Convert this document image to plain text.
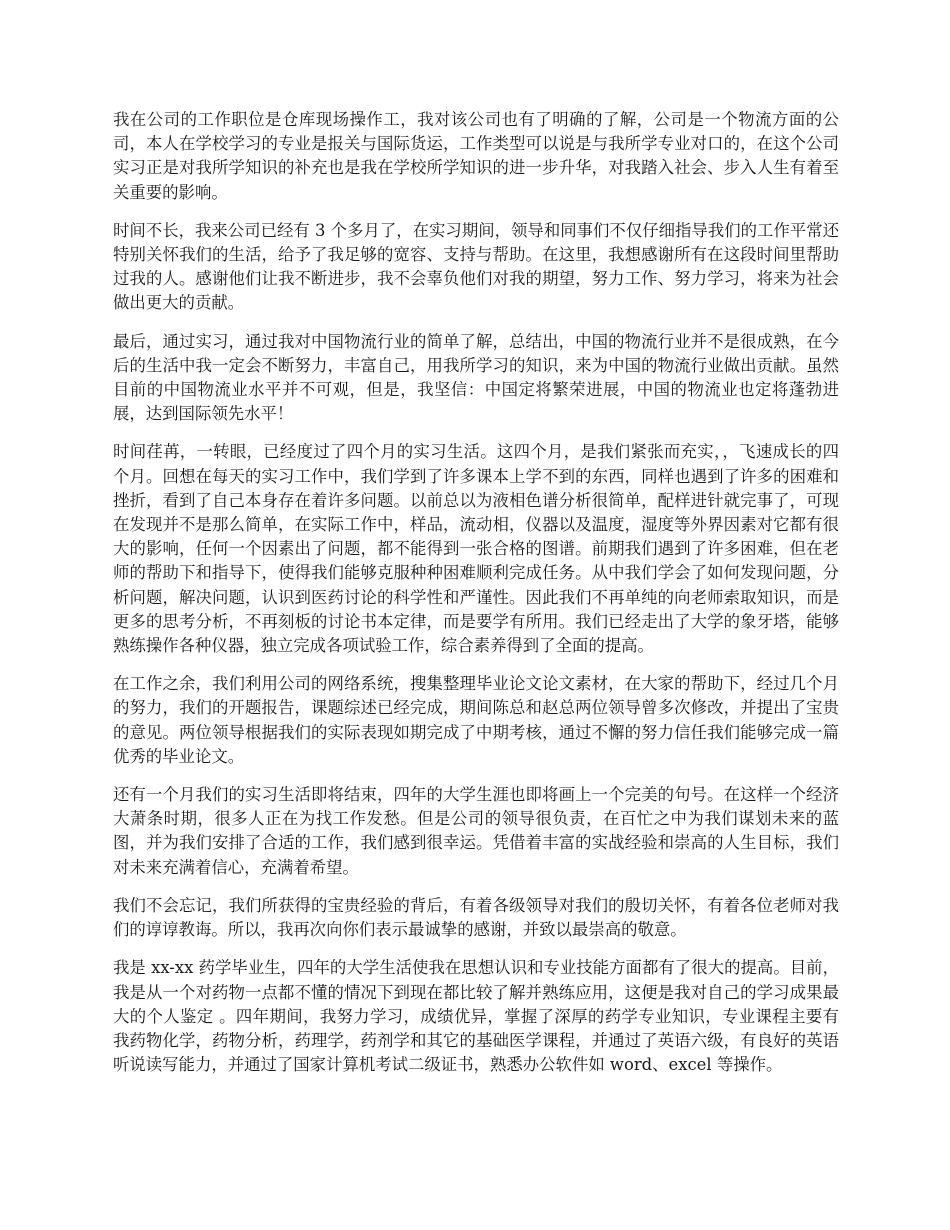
我在公司的工作职位是仓库现场操作工，我对该公司也有了明确的了解，公司是一个物流方面的公司，本人在学校学习的专业是报关与国际货运，工作类型可以说是与我所学专业对口的，在这个公司实习正是对我所学知识的补充也是我在学校所学知识的进一步升华，对我踏入社会、步入人生有着至关重要的影响。

时间不长，我来公司已经有 3 个多月了，在实习期间，领导和同事们不仅仔细指导我们的工作平常还特别关怀我们的生活，给予了我足够的宽容、支持与帮助。在这里，我想感谢所有在这段时间里帮助过我的人。感谢他们让我不断进步，我不会辜负他们对我的期望，努力工作、努力学习，将来为社会做出更大的贡献。

最后，通过实习，通过我对中国物流行业的简单了解，总结出，中国的物流行业并不是很成熟，在今后的生活中我一定会不断努力，丰富自己，用我所学习的知识，来为中国的物流行业做出贡献。虽然目前的中国物流业水平并不可观，但是，我坚信：中国定将繁荣进展，中国的物流业也定将蓬勃进展，达到国际领先水平！

时间荏苒，一转眼，已经度过了四个月的实习生活。这四个月，是我们紧张而充实，，飞速成长的四个月。回想在每天的实习工作中，我们学到了许多课本上学不到的东西，同样也遇到了许多的困难和挫折，看到了自己本身存在着许多问题。以前总以为液相色谱分析很简单，配样进针就完事了，可现在发现并不是那么简单，在实际工作中，样品，流动相，仪器以及温度，湿度等外界因素对它都有很大的影响，任何一个因素出了问题，都不能得到一张合格的图谱。前期我们遇到了许多困难，但在老师的帮助下和指导下，使得我们能够克服种种困难顺利完成任务。从中我们学会了如何发现问题，分析问题，解决问题，认识到医药讨论的科学性和严谨性。因此我们不再单纯的向老师索取知识，而是更多的思考分析，不再刻板的讨论书本定律，而是要学有所用。我们已经走出了大学的象牙塔，能够熟练操作各种仪器，独立完成各项试验工作，综合素养得到了全面的提高。

在工作之余，我们利用公司的网络系统，搜集整理毕业论文论文素材，在大家的帮助下，经过几个月的努力，我们的开题报告，课题综述已经完成，期间陈总和赵总两位领导曾多次修改，并提出了宝贵的意见。两位领导根据我们的实际表现如期完成了中期考核，通过不懈的努力信任我们能够完成一篇优秀的毕业论文。

还有一个月我们的实习生活即将结束，四年的大学生涯也即将画上一个完美的句号。在这样一个经济大萧条时期，很多人正在为找工作发愁。但是公司的领导很负责，在百忙之中为我们谋划未来的蓝图，并为我们安排了合适的工作，我们感到很幸运。凭借着丰富的实战经验和崇高的人生目标，我们对未来充满着信心，充满着希望。

我们不会忘记，我们所获得的宝贵经验的背后，有着各级领导对我们的殷切关怀，有着各位老师对我们的谆谆教诲。所以，我再次向你们表示最诚挚的感谢，并致以最崇高的敬意。

我是 xx-xx 药学毕业生，四年的大学生活使我在思想认识和专业技能方面都有了很大的提高。目前，我是从一个对药物一点都不懂的情况下到现在都比较了解并熟练应用，这便是我对自己的学习成果最大的个人鉴定 。四年期间，我努力学习，成绩优异，掌握了深厚的药学专业知识，专业课程主要有我药物化学，药物分析，药理学，药剂学和其它的基础医学课程，并通过了英语六级，有良好的英语听说读写能力，并通过了国家计算机考试二级证书，熟悉办公软件如 word、excel 等操作。
